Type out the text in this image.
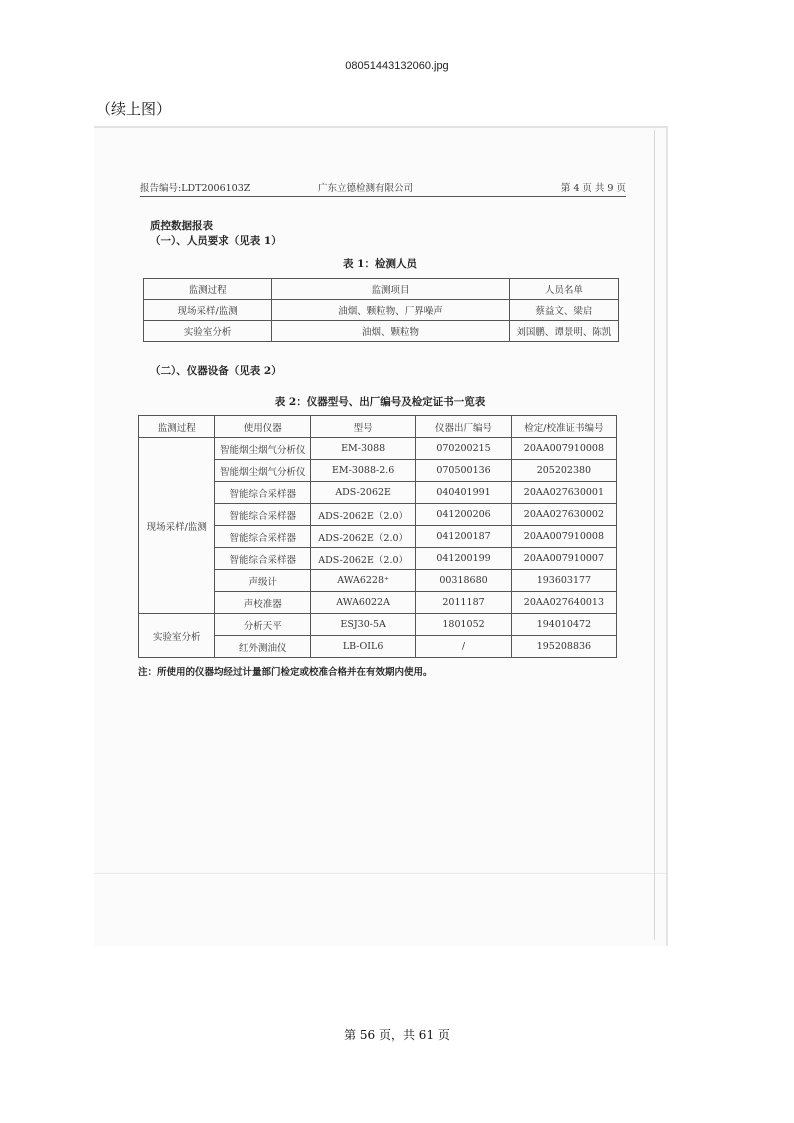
08051443132060.jpg
（续上图）
报告编号:LDT2006103Z	广东立德检测有限公司	第 4 页 共 9 页
质控数据报表
（一）、人员要求（见表 1）
表 1：检测人员
监测过程	监测项目	人员名单
现场采样/监测	油烟、颗粒物、厂界噪声	蔡益文、梁启
实验室分析	油烟、颗粒物	刘国鹏、谭景明、陈凯
（二）、仪器设备（见表 2）
表 2：仪器型号、出厂编号及检定证书一览表
监测过程	使用仪器	型号	仪器出厂编号	检定/校准证书编号
现场采样/监测	智能烟尘烟气分析仪	EM-3088	070200215	20AA007910008
	智能烟尘烟气分析仪	EM-3088-2.6	070500136	205202380
	智能综合采样器	ADS-2062E	040401991	20AA027630001
	智能综合采样器	ADS-2062E（2.0）	041200206	20AA027630002
	智能综合采样器	ADS-2062E（2.0）	041200187	20AA007910008
	智能综合采样器	ADS-2062E（2.0）	041200199	20AA007910007
	声级计	AWA6228⁺	00318680	193603177
	声校准器	AWA6022A	2011187	20AA027640013
实验室分析	分析天平	ESJ30-5A	1801052	194010472
	红外测油仪	LB-OIL6	/	195208836
注：所使用的仪器均经过计量部门检定或校准合格并在有效期内使用。
第 56 页，共 61 页
